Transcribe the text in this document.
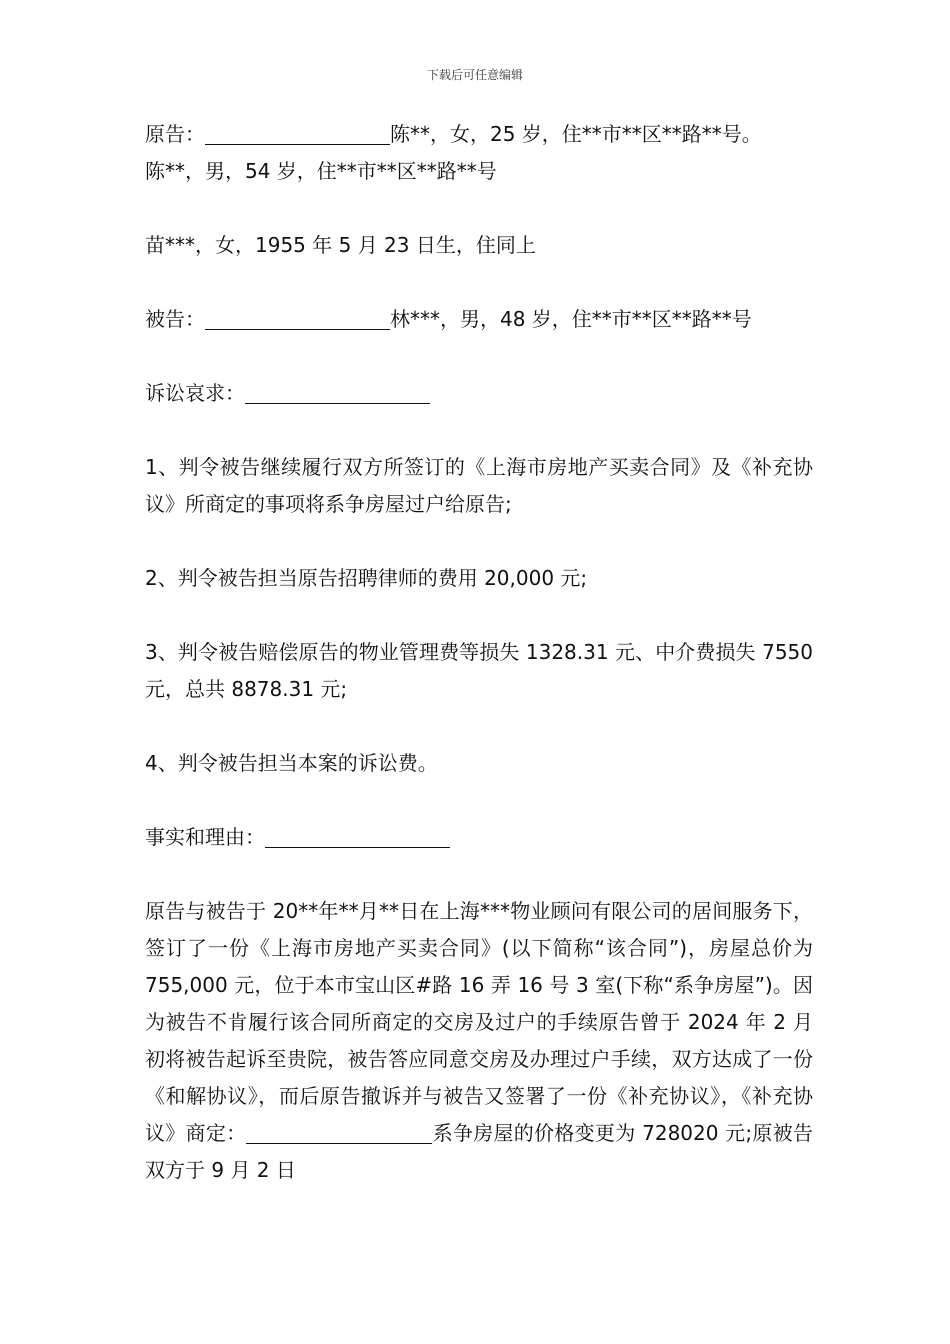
下载后可任意编辑

原告：	陈**，女，25 岁，住**市**区**路**号。

陈**，男，54 岁，住**市**区**路**号

苗***，女，1955 年 5 月 23 日生，住同上

被告：	林***，男，48 岁，住**市**区**路**号

诉讼哀求：

1、判令被告继续履行双方所签订的《上海市房地产买卖合同》及《补充协议》所商定的事项将系争房屋过户给原告;

2、判令被告担当原告招聘律师的费用 20,000 元;

3、判令被告赔偿原告的物业管理费等损失 1328.31 元、中介费损失 7550 元，总共 8878.31 元;

4、判令被告担当本案的诉讼费。

事实和理由：

原告与被告于 20**年**月**日在上海***物业顾问有限公司的居间服务下，签订了一份《上海市房地产买卖合同》(以下简称“该合同”)，房屋总价为 755,000 元，位于本市宝山区#路 16 弄 16 号 3 室(下称“系争房屋”)。因为被告不肯履行该合同所商定的交房及过户的手续原告曾于 2024 年 2 月初将被告起诉至贵院，被告答应同意交房及办理过户手续，双方达成了一份《和解协议》，而后原告撤诉并与被告又签署了一份《补充协议》，《补充协议》商定：	系争房屋的价格变更为 728020 元;原被告双方于 9 月 2 日
